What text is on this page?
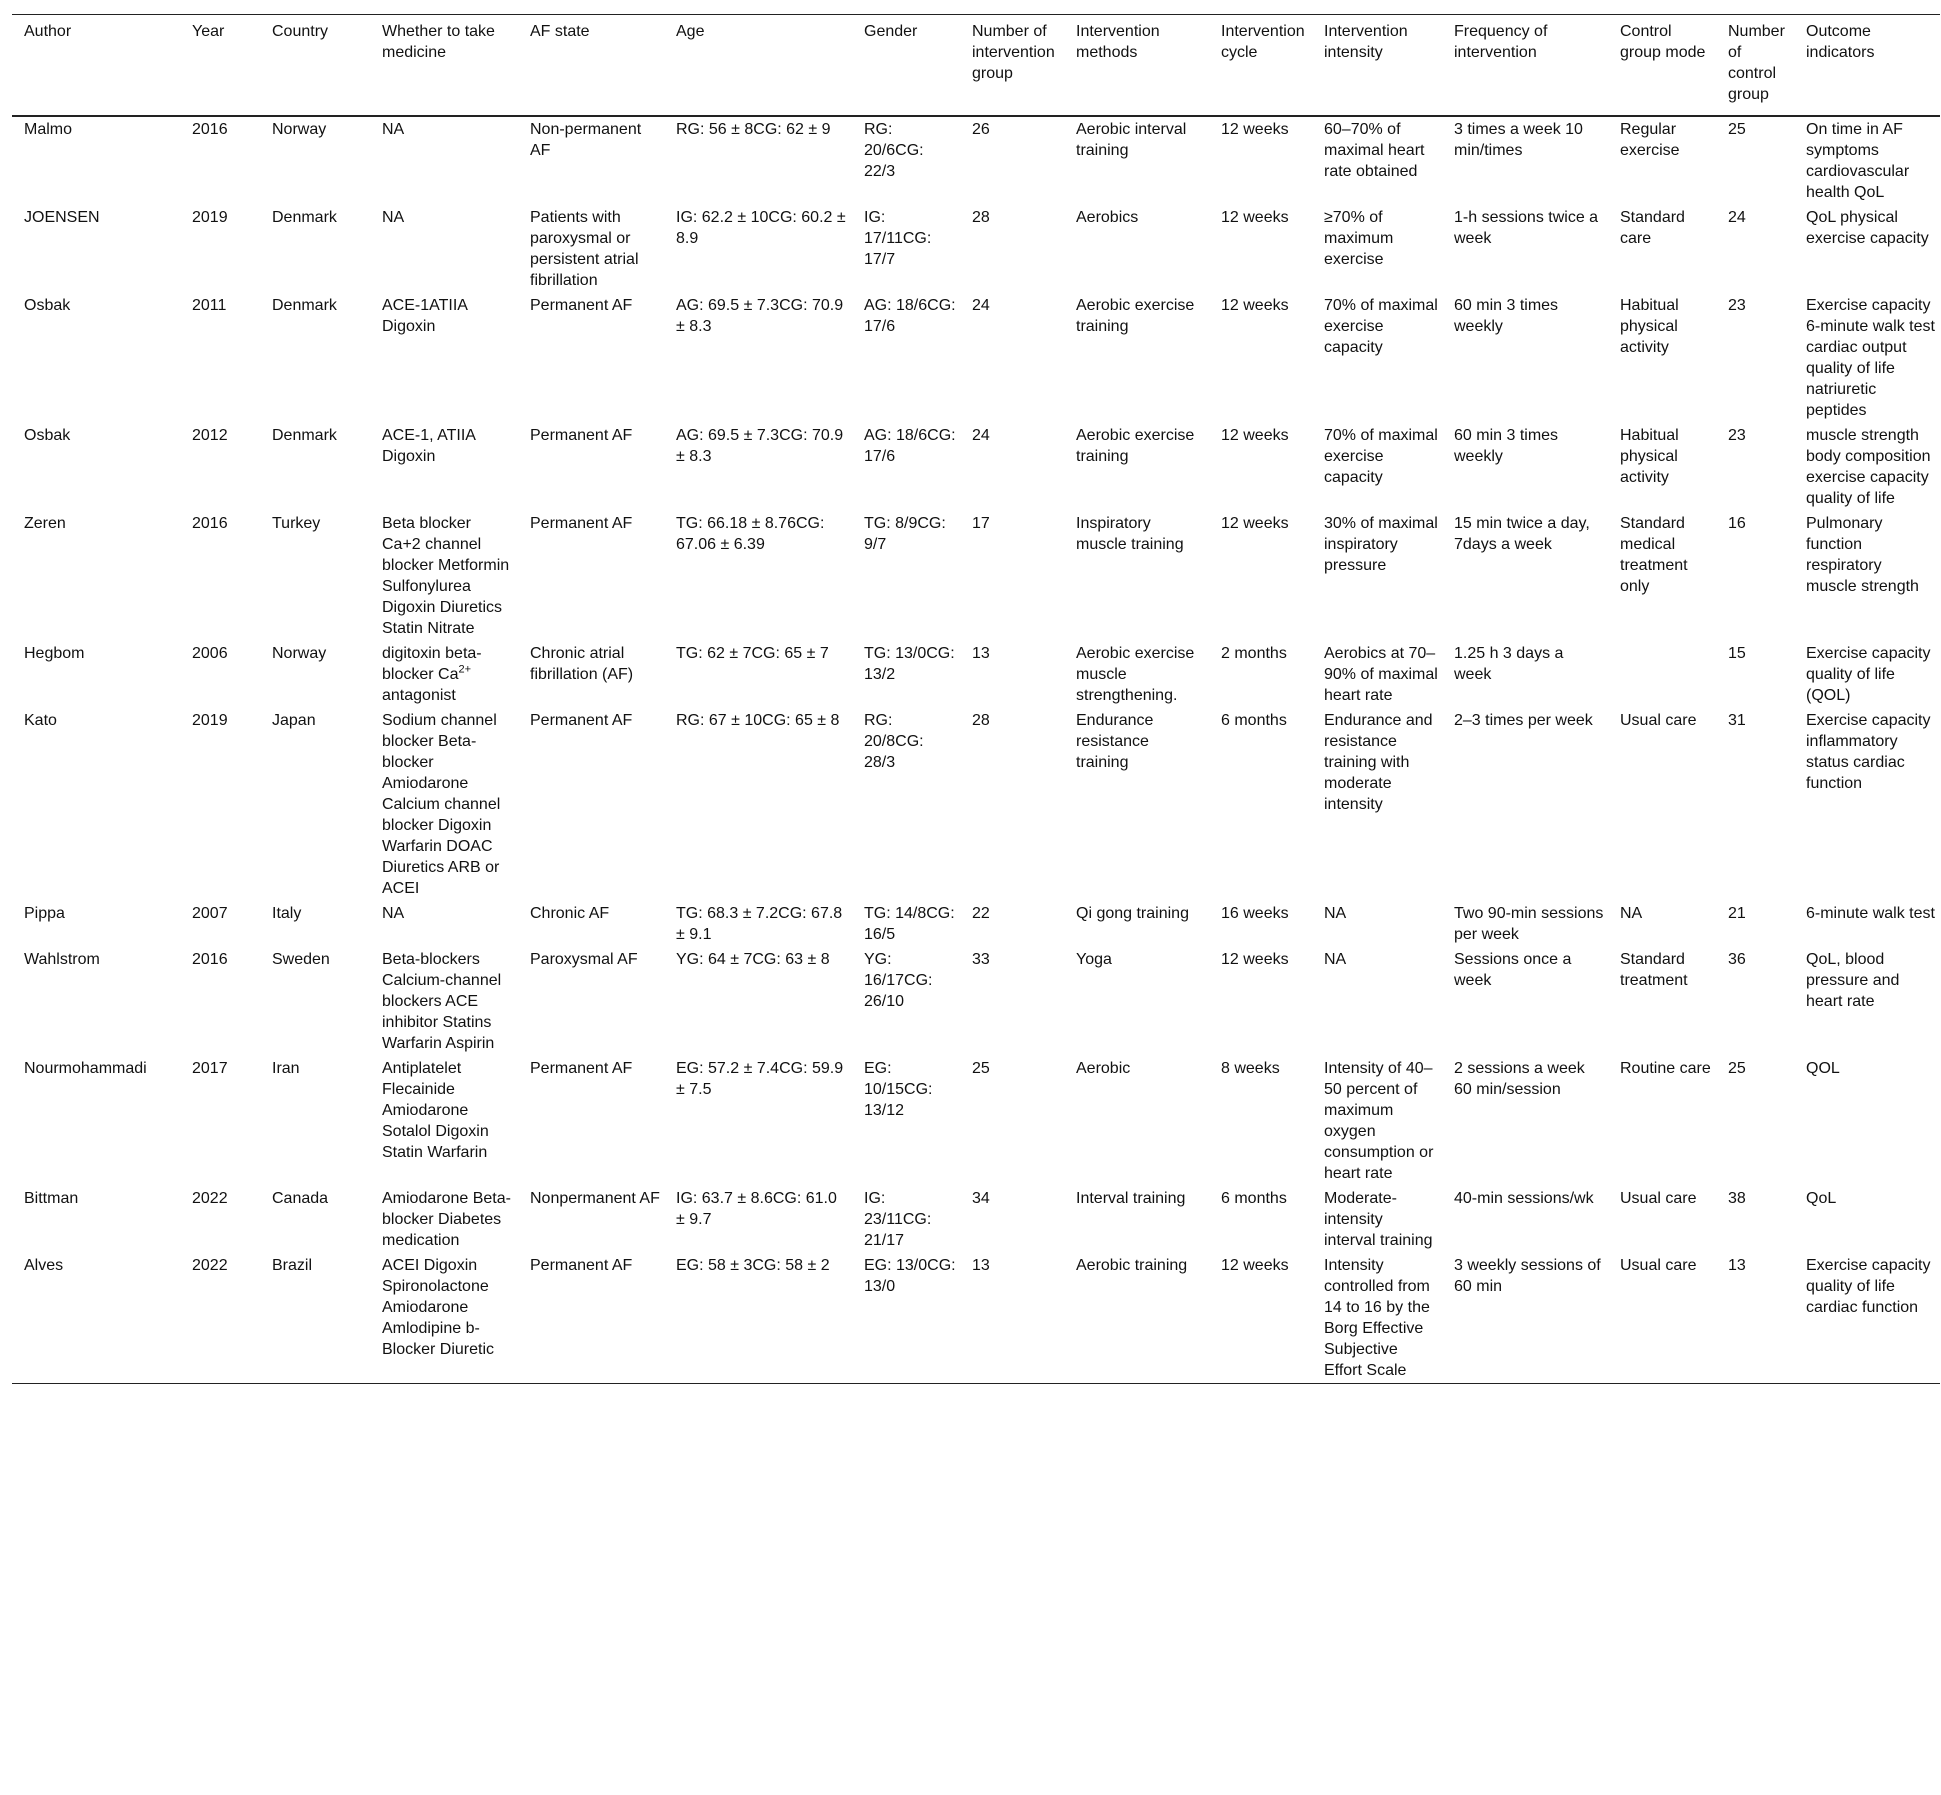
Author	Year	Country	Whether to take medicine	AF state	Age	Gender	Number of intervention group	Intervention methods	Intervention cycle	Intervention intensity	Frequency of intervention	Control group mode	Number of control group	Outcome indicators
Malmo	2016	Norway	NA	Non-permanent AF	RG: 56 ± 8CG: 62 ± 9	RG: 20/6CG: 22/3	26	Aerobic interval training	12 weeks	60–70% of maximal heart rate obtained	3 times a week 10 min/times	Regular exercise	25	On time in AF symptoms cardiovascular health QoL
JOENSEN	2019	Denmark	NA	Patients with paroxysmal or persistent atrial fibrillation	IG: 62.2 ± 10CG: 60.2 ± 8.9	IG: 17/11CG: 17/7	28	Aerobics	12 weeks	≥70% of maximum exercise	1-h sessions twice a week	Standard care	24	QoL physical exercise capacity
Osbak	2011	Denmark	ACE-1ATIIA Digoxin	Permanent AF	AG: 69.5 ± 7.3CG: 70.9 ± 8.3	AG: 18/6CG: 17/6	24	Aerobic exercise training	12 weeks	70% of maximal exercise capacity	60 min 3 times weekly	Habitual physical activity	23	Exercise capacity 6-minute walk test cardiac output quality of life natriuretic peptides
Osbak	2012	Denmark	ACE-1, ATIIA Digoxin	Permanent AF	AG: 69.5 ± 7.3CG: 70.9 ± 8.3	AG: 18/6CG: 17/6	24	Aerobic exercise training	12 weeks	70% of maximal exercise capacity	60 min 3 times weekly	Habitual physical activity	23	muscle strength body composition exercise capacity quality of life
Zeren	2016	Turkey	Beta blocker Ca+2 channel blocker Metformin Sulfonylurea Digoxin Diuretics Statin Nitrate	Permanent AF	TG: 66.18 ± 8.76CG: 67.06 ± 6.39	TG: 8/9CG: 9/7	17	Inspiratory muscle training	12 weeks	30% of maximal inspiratory pressure	15 min twice a day, 7days a week	Standard medical treatment only	16	Pulmonary function respiratory muscle strength
Hegbom	2006	Norway	digitoxin beta-blocker $Ca^{2+}$ antagonist	Chronic atrial fibrillation (AF)	TG: 62 ± 7CG: 65 ± 7	TG: 13/0CG: 13/2	13	Aerobic exercise muscle strengthening.	2 months	Aerobics at 70–90% of maximal heart rate	1.25 h 3 days a week		15	Exercise capacity quality of life (QOL)
Kato	2019	Japan	Sodium channel blocker Beta-blocker Amiodarone Calcium channel blocker Digoxin Warfarin DOAC Diuretics ARB or ACEI	Permanent AF	RG: 67 ± 10CG: 65 ± 8	RG: 20/8CG: 28/3	28	Endurance resistance training	6 months	Endurance and resistance training with moderate intensity	2–3 times per week	Usual care	31	Exercise capacity inflammatory status cardiac function
Pippa	2007	Italy	NA	Chronic AF	TG: 68.3 ± 7.2CG: 67.8 ± 9.1	TG: 14/8CG: 16/5	22	Qi gong training	16 weeks	NA	Two 90-min sessions per week	NA	21	6-minute walk test
Wahlstrom	2016	Sweden	Beta-blockers Calcium-channel blockers ACE inhibitor Statins Warfarin Aspirin	Paroxysmal AF	YG: 64 ± 7CG: 63 ± 8	YG: 16/17CG: 26/10	33	Yoga	12 weeks	NA	Sessions once a week	Standard treatment	36	QoL, blood pressure and heart rate
Nourmohammadi	2017	Iran	Antiplatelet Flecainide Amiodarone Sotalol Digoxin Statin Warfarin	Permanent AF	EG: 57.2 ± 7.4CG: 59.9 ± 7.5	EG: 10/15CG: 13/12	25	Aerobic	8 weeks	Intensity of 40–50 percent of maximum oxygen consumption or heart rate	2 sessions a week 60 min/session	Routine care	25	QOL
Bittman	2022	Canada	Amiodarone Beta-blocker Diabetes medication	Nonpermanent AF	IG: 63.7 ± 8.6CG: 61.0 ± 9.7	IG: 23/11CG: 21/17	34	Interval training	6 months	Moderate-intensity interval training	40-min sessions/wk	Usual care	38	QoL
Alves	2022	Brazil	ACEI Digoxin Spironolactone Amiodarone Amlodipine b-Blocker Diuretic	Permanent AF	EG: 58 ± 3CG: 58 ± 2	EG: 13/0CG: 13/0	13	Aerobic training	12 weeks	Intensity controlled from 14 to 16 by the Borg Effective Subjective Effort Scale	3 weekly sessions of 60 min	Usual care	13	Exercise capacity quality of life cardiac function
